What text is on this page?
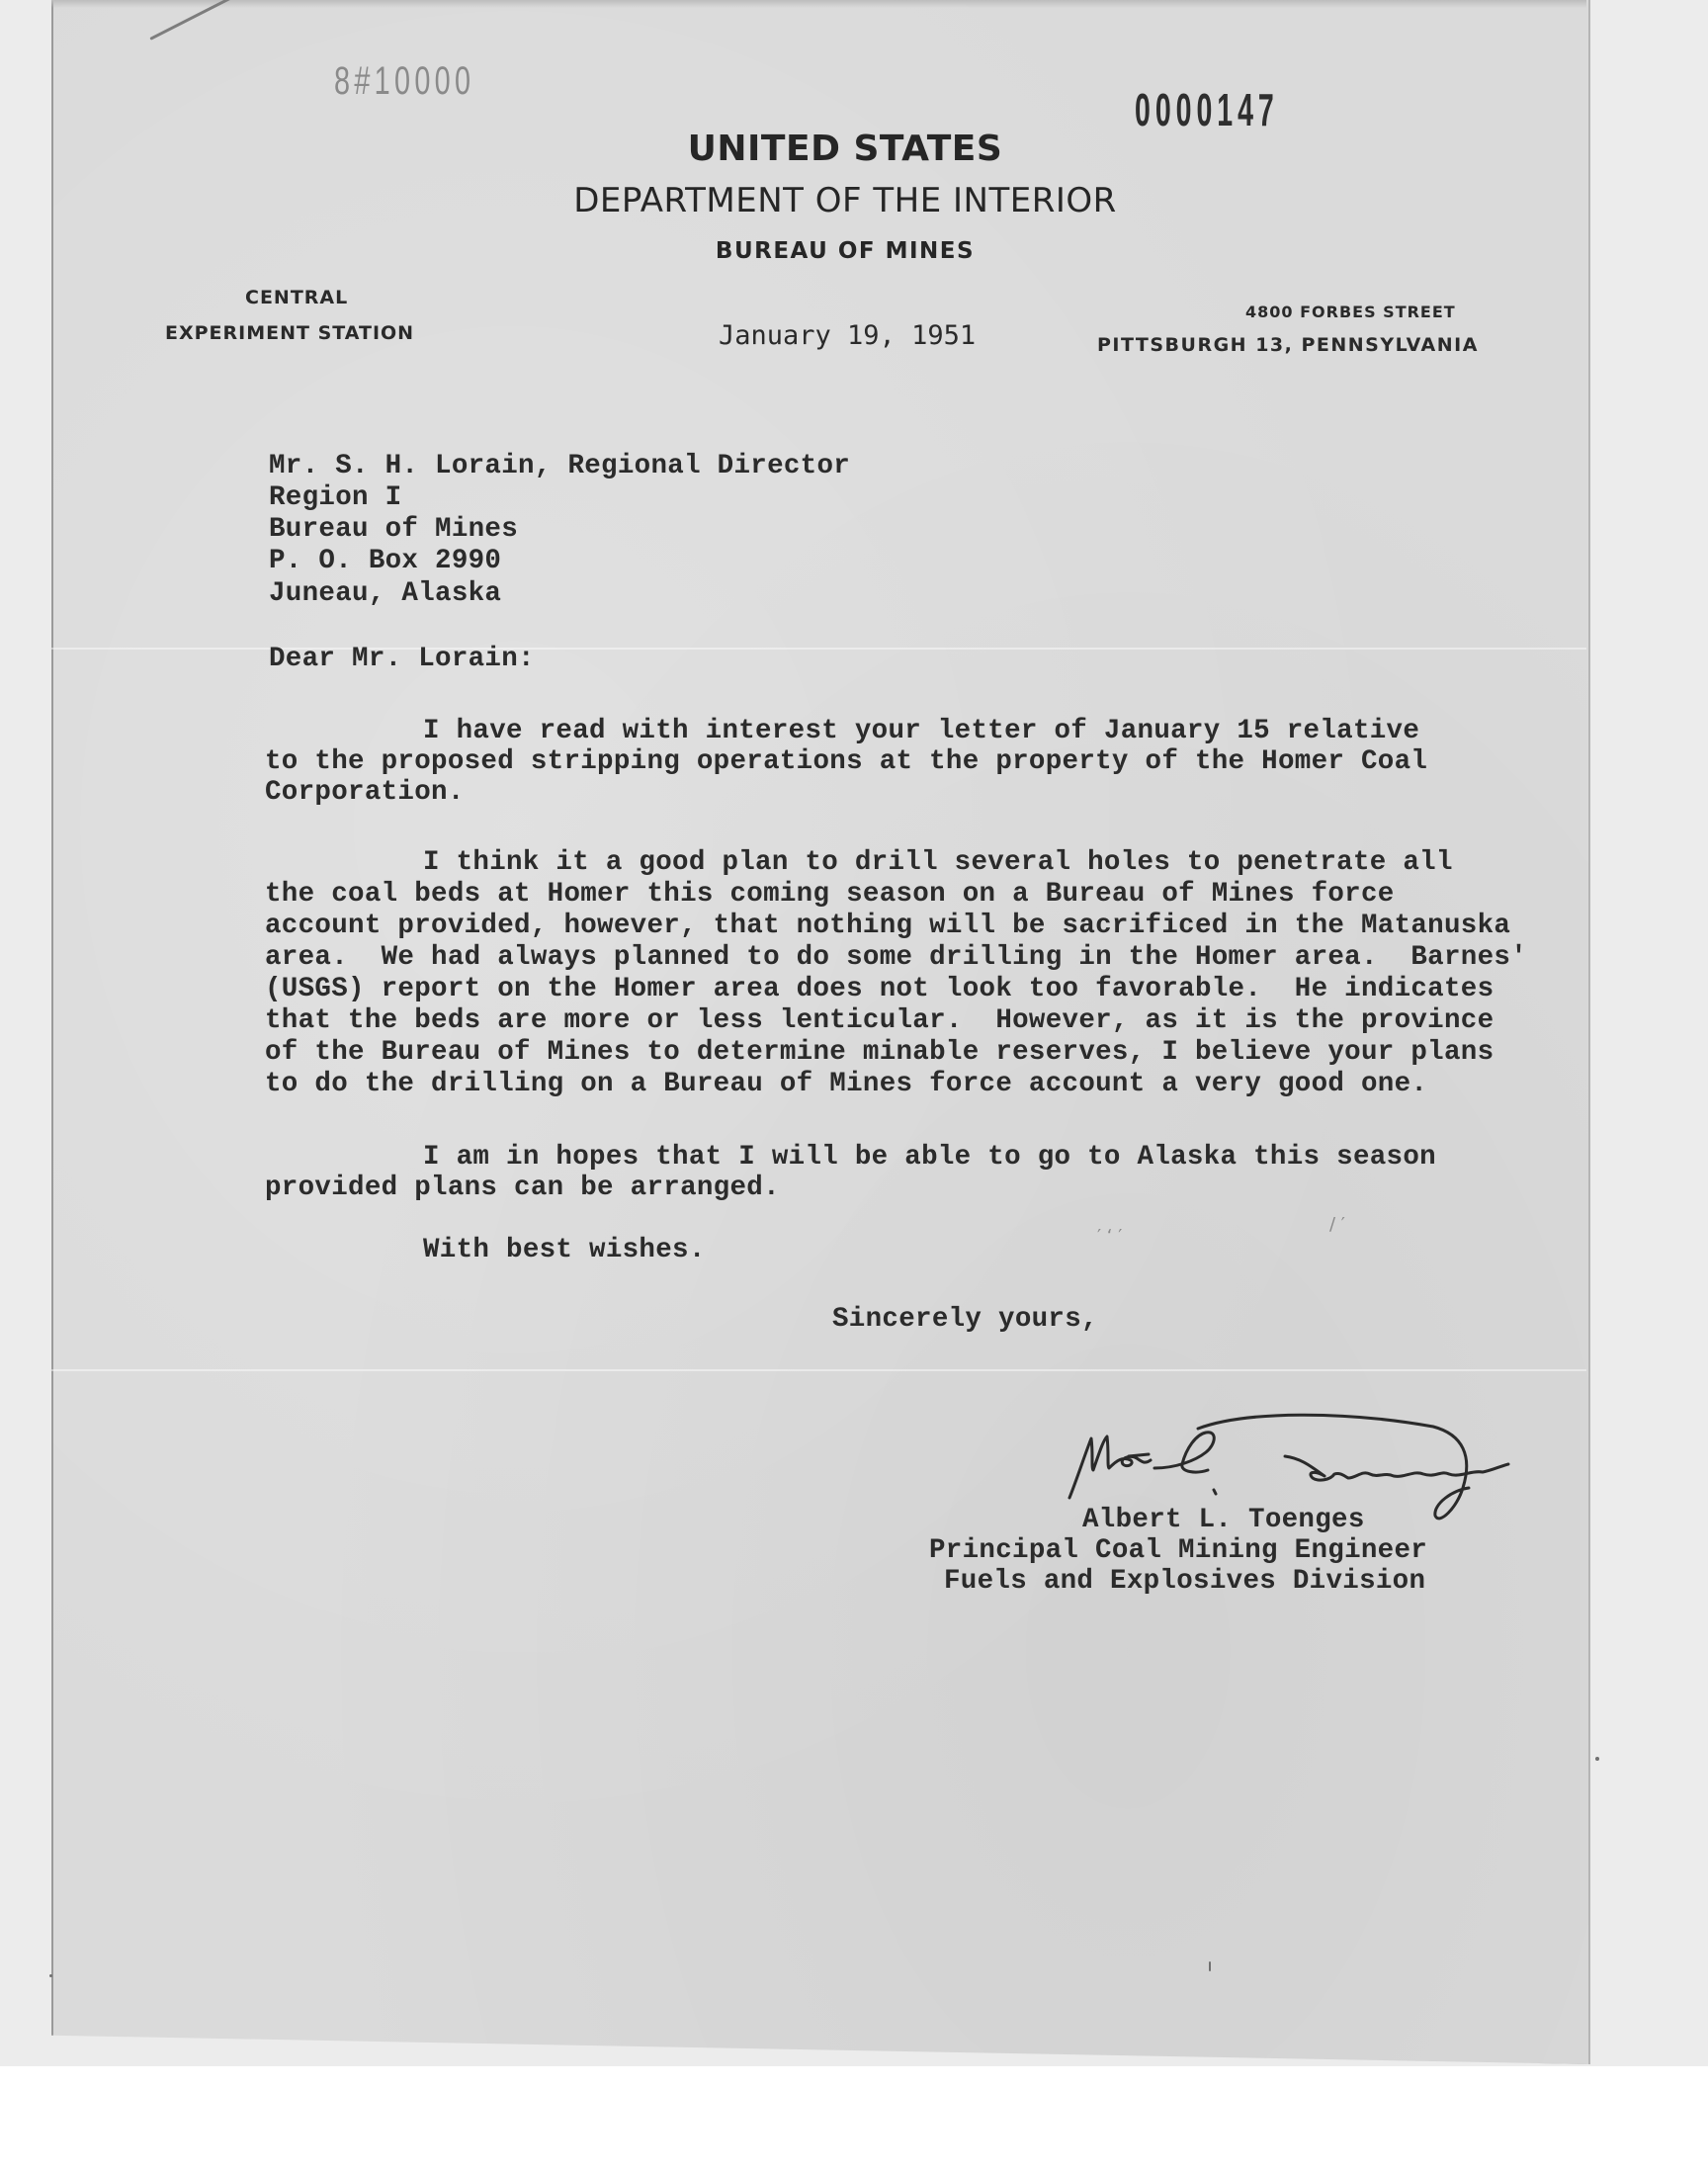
8#10000
0000147
UNITED STATES
DEPARTMENT OF THE INTERIOR
BUREAU OF MINES
CENTRAL
EXPERIMENT STATION
4800 FORBES STREET
PITTSBURGH 13, PENNSYLVANIA
January 19, 1951
Mr. S. H. Lorain, Regional Director
Region I
Bureau of Mines
P. O. Box 2990
Juneau, Alaska
Dear Mr. Lorain:
I have read with interest your letter of January 15 relative
to the proposed stripping operations at the property of the Homer Coal
Corporation.
I think it a good plan to drill several holes to penetrate all
the coal beds at Homer this coming season on a Bureau of Mines force
account provided, however, that nothing will be sacrificed in the Matanuska
area.  We had always planned to do some drilling in the Homer area.  Barnes'
(USGS) report on the Homer area does not look too favorable.  He indicates
that the beds are more or less lenticular.  However, as it is the province
of the Bureau of Mines to determine minable reserves, I believe your plans
to do the drilling on a Bureau of Mines force account a very good one.
I am in hopes that I will be able to go to Alaska this season
provided plans can be arranged.
With best wishes.	′ ‘ ′
/ ′
Sincerely yours,
Albert L. Toenges
Principal Coal Mining Engineer
Fuels and Explosives Division
